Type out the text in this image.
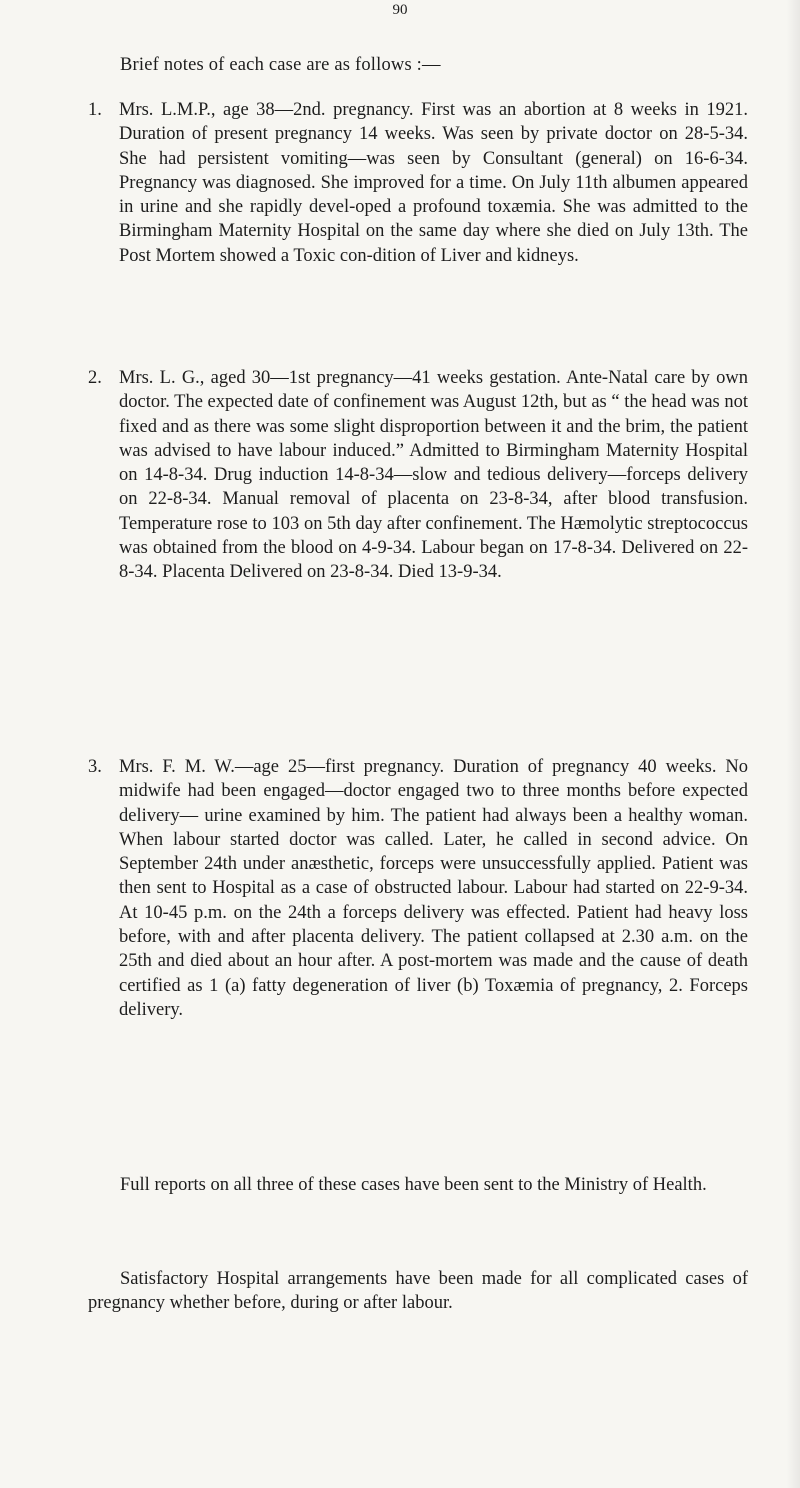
90
Brief notes of each case are as follows :—
1. Mrs. L.M.P., age 38—2nd. pregnancy. First was an abortion at 8 weeks in 1921. Duration of present pregnancy 14 weeks. Was seen by private doctor on 28-5-34. She had persistent vomiting—was seen by Consultant (general) on 16-6-34. Pregnancy was diagnosed. She improved for a time. On July 11th albumen appeared in urine and she rapidly devel-oped a profound toxæmia. She was admitted to the Birmingham Maternity Hospital on the same day where she died on July 13th. The Post Mortem showed a Toxic con-dition of Liver and kidneys.
2. Mrs. L. G., aged 30—1st pregnancy—41 weeks gestation. Ante-Natal care by own doctor. The expected date of confinement was August 12th, but as “ the head was not fixed and as there was some slight disproportion between it and the brim, the patient was advised to have labour induced.” Admitted to Birmingham Maternity Hospital on 14-8-34. Drug induction 14-8-34—slow and tedious delivery—forceps delivery on 22-8-34. Manual removal of placenta on 23-8-34, after blood transfusion. Temperature rose to 103 on 5th day after confinement. The Hæmolytic streptococcus was obtained from the blood on 4-9-34. Labour began on 17-8-34. Delivered on 22-8-34. Placenta Delivered on 23-8-34. Died 13-9-34.
3. Mrs. F. M. W.—age 25—first pregnancy. Duration of pregnancy 40 weeks. No midwife had been engaged—doctor engaged two to three months before expected delivery— urine examined by him. The patient had always been a healthy woman. When labour started doctor was called. Later, he called in second advice. On September 24th under anæsthetic, forceps were unsuccessfully applied. Patient was then sent to Hospital as a case of obstructed labour. Labour had started on 22-9-34. At 10-45 p.m. on the 24th a forceps delivery was effected. Patient had heavy loss before, with and after placenta delivery. The patient collapsed at 2.30 a.m. on the 25th and died about an hour after. A post-mortem was made and the cause of death certified as 1 (a) fatty degeneration of liver (b) Toxæmia of pregnancy, 2. Forceps delivery.
Full reports on all three of these cases have been sent to the Ministry of Health.
Satisfactory Hospital arrangements have been made for all complicated cases of pregnancy whether before, during or after labour.
